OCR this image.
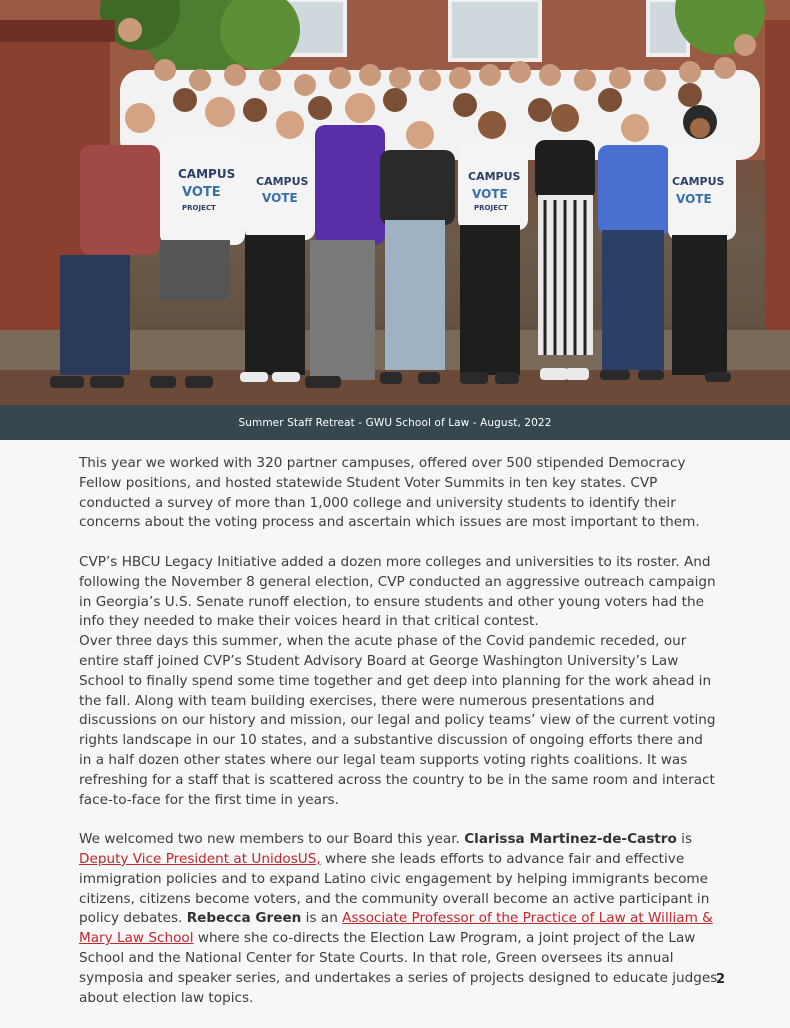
CAMPUS
VOTE
PROJECT
CAMPUS
VOTE
CAMPUS
VOTE
PROJECT
CAMPUS
VOTE
Summer Staff Retreat - GWU School of Law - August, 2022

This year we worked with 320 partner campuses, offered over 500 stipended Democracy Fellow positions, and hosted statewide Student Voter Summits in ten key states. CVP conducted a survey of more than 1,000 college and university students to identify their concerns about the voting process and ascertain which issues are most important to them.

CVP’s HBCU Legacy Initiative added a dozen more colleges and universities to its roster. And following the November 8 general election, CVP conducted an aggressive outreach campaign in Georgia’s U.S. Senate runoff election, to ensure students and other young voters had the info they needed to make their voices heard in that critical contest.

Over three days this summer, when the acute phase of the Covid pandemic receded, our entire staff joined CVP’s Student Advisory Board at George Washington University’s Law School to finally spend some time together and get deep into planning for the work ahead in the fall. Along with team building exercises, there were numerous presentations and discussions on our history and mission, our legal and policy teams’ view of the current voting rights landscape in our 10 states, and a substantive discussion of ongoing efforts there and in a half dozen other states where our legal team supports voting rights coalitions. It was refreshing for a staff that is scattered across the country to be in the same room and interact face-to-face for the first time in years.

We welcomed two new members to our Board this year. Clarissa Martinez-de-Castro is Deputy Vice President at UnidosUS, where she leads efforts to advance fair and effective immigration policies and to expand Latino civic engagement by helping immigrants become citizens, citizens become voters, and the community overall become an active participant in policy debates. Rebecca Green is an Associate Professor of the Practice of Law at William & Mary Law School where she co-directs the Election Law Program, a joint project of the Law School and the National Center for State Courts. In that role, Green oversees its annual symposia and speaker series, and undertakes a series of projects designed to educate judges about election law topics.

2
